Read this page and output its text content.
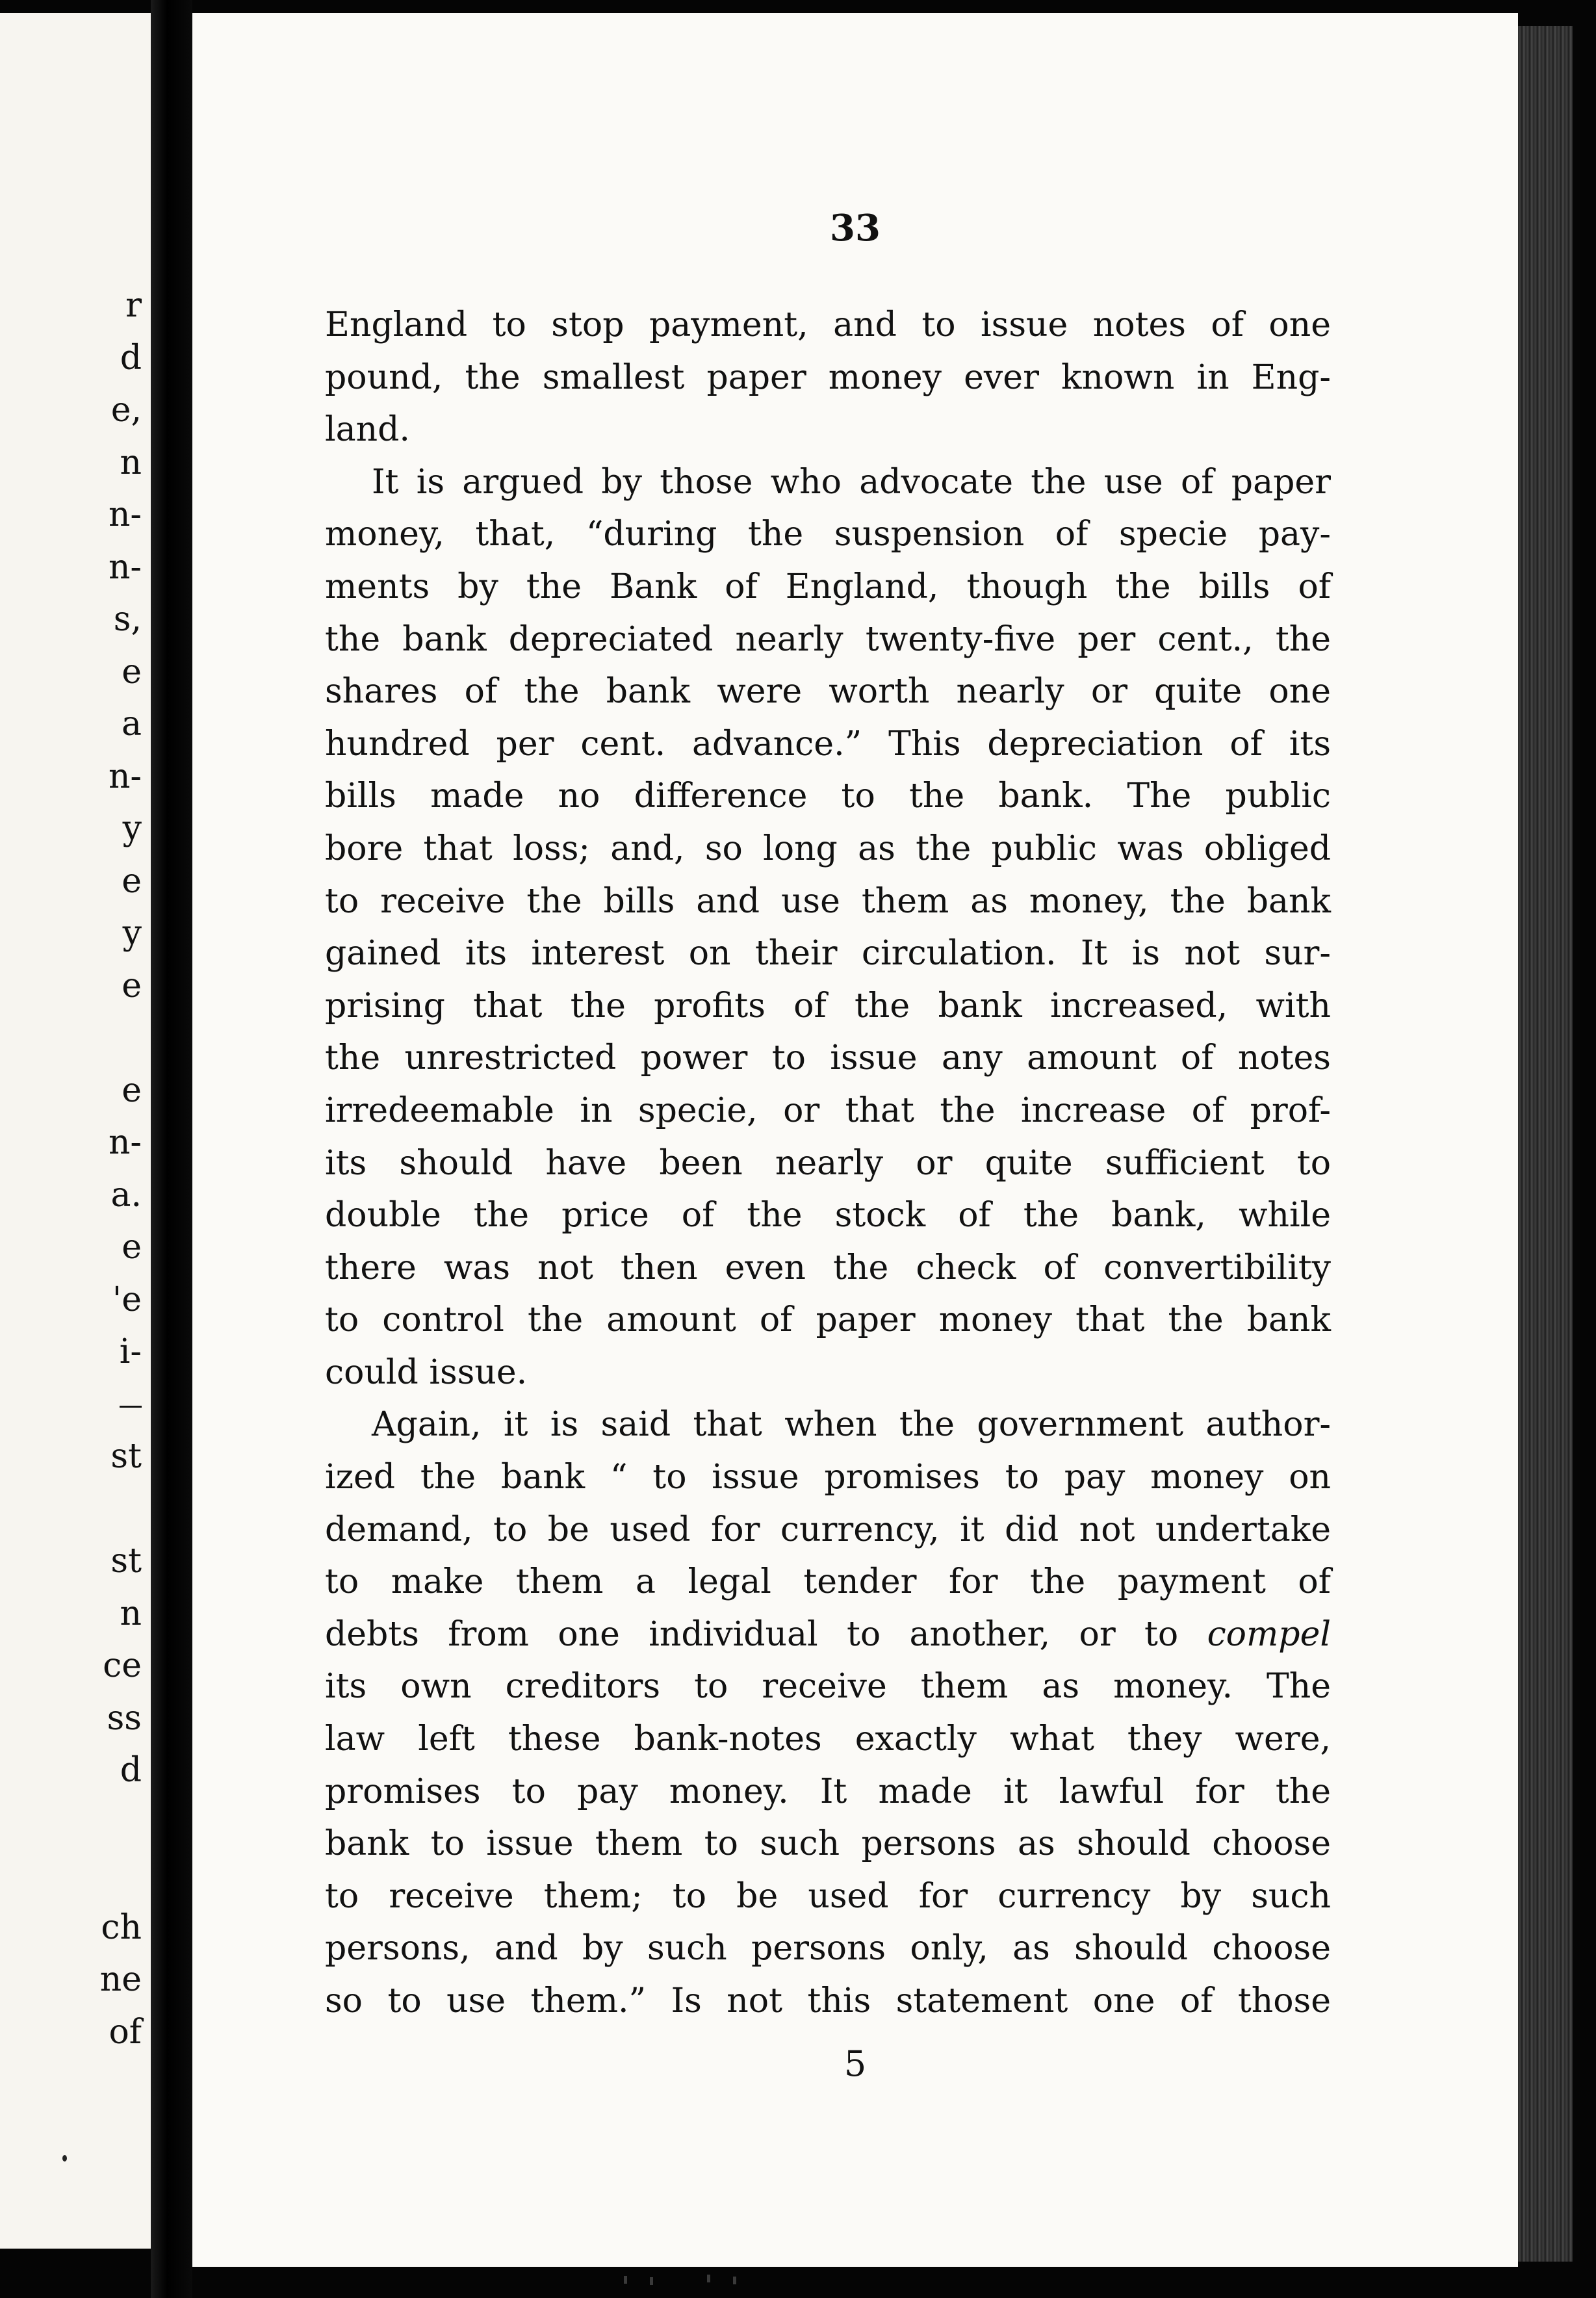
r
d
e,
n
n-
n-
s,
e
a
n-
y
e
y
e
e
n-
a.
e
'e
i-
st
st
n
ce
ss
d
ch
ne
of
33
England to stop payment, and to issue notes of one
pound, the smallest paper money ever known in Eng-
land.
It is argued by those who advocate the use of paper
money, that, “during the suspension of specie pay-
ments by the Bank of England, though the bills of
the bank depreciated nearly twenty-five per cent., the
shares of the bank were worth nearly or quite one
hundred per cent. advance.” This depreciation of its
bills made no difference to the bank. The public
bore that loss; and, so long as the public was obliged
to receive the bills and use them as money, the bank
gained its interest on their circulation. It is not sur-
prising that the profits of the bank increased, with
the unrestricted power to issue any amount of notes
irredeemable in specie, or that the increase of prof-
its should have been nearly or quite sufficient to
double the price of the stock of the bank, while
there was not then even the check of convertibility
to control the amount of paper money that the bank
could issue.
Again, it is said that when the government author-
ized the bank “ to issue promises to pay money on
demand, to be used for currency, it did not undertake
to make them a legal tender for the payment of
debts from one individual to another, or to compel
its own creditors to receive them as money. The
law left these bank-notes exactly what they were,
promises to pay money. It made it lawful for the
bank to issue them to such persons as should choose
to receive them; to be used for currency by such
persons, and by such persons only, as should choose
so to use them.” Is not this statement one of those
5
